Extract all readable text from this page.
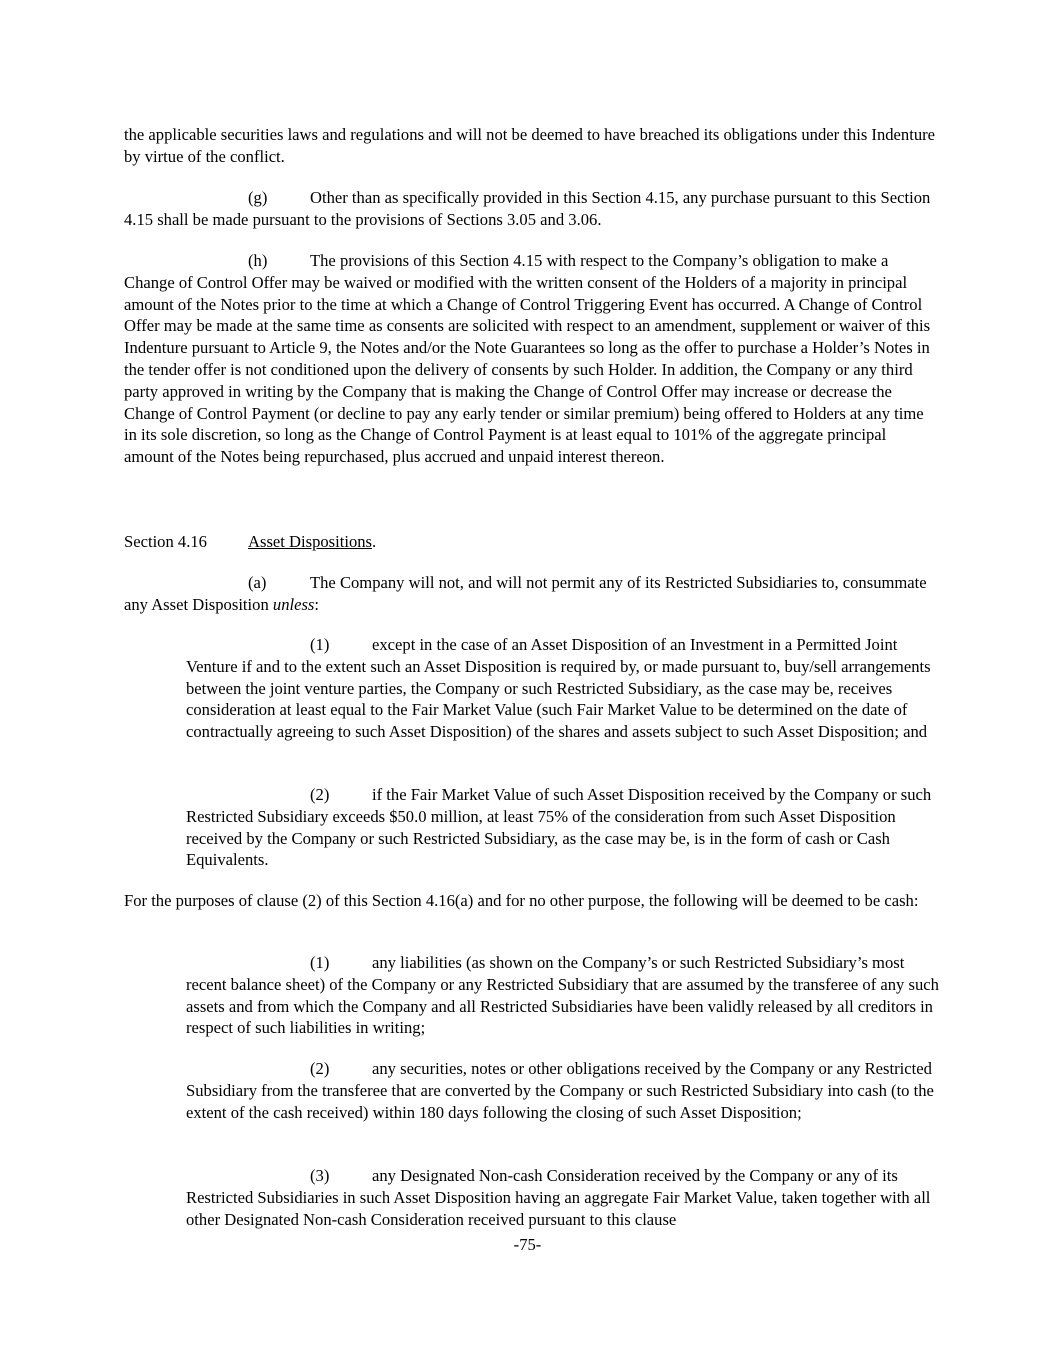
the applicable securities laws and regulations and will not be deemed to have breached its obligations under this Indenture by virtue of the conflict.

(g)	Other than as specifically provided in this Section 4.15, any purchase pursuant to this Section 4.15 shall be made pursuant to the provisions of Sections 3.05 and 3.06.

(h)	The provisions of this Section 4.15 with respect to the Company’s obligation to make a Change of Control Offer may be waived or modified with the written consent of the Holders of a majority in principal amount of the Notes prior to the time at which a Change of Control Triggering Event has occurred. A Change of Control Offer may be made at the same time as consents are solicited with respect to an amendment, supplement or waiver of this Indenture pursuant to Article 9, the Notes and/or the Note Guarantees so long as the offer to purchase a Holder’s Notes in the tender offer is not conditioned upon the delivery of consents by such Holder. In addition, the Company or any third party approved in writing by the Company that is making the Change of Control Offer may increase or decrease the Change of Control Payment (or decline to pay any early tender or similar premium) being offered to Holders at any time in its sole discretion, so long as the Change of Control Payment is at least equal to 101% of the aggregate principal amount of the Notes being repurchased, plus accrued and unpaid interest thereon.

Section 4.16 Asset Dispositions.

(a)	The Company will not, and will not permit any of its Restricted Subsidiaries to, consummate any Asset Disposition unless:

(1)	except in the case of an Asset Disposition of an Investment in a Permitted Joint Venture if and to the extent such an Asset Disposition is required by, or made pursuant to, buy/sell arrangements between the joint venture parties, the Company or such Restricted Subsidiary, as the case may be, receives consideration at least equal to the Fair Market Value (such Fair Market Value to be determined on the date of contractually agreeing to such Asset Disposition) of the shares and assets subject to such Asset Disposition; and

(2)	if the Fair Market Value of such Asset Disposition received by the Company or such Restricted Subsidiary exceeds $50.0 million, at least 75% of the consideration from such Asset Disposition received by the Company or such Restricted Subsidiary, as the case may be, is in the form of cash or Cash Equivalents.

For the purposes of clause (2) of this Section 4.16(a) and for no other purpose, the following will be deemed to be cash:

(1)	any liabilities (as shown on the Company’s or such Restricted Subsidiary’s most recent balance sheet) of the Company or any Restricted Subsidiary that are assumed by the transferee of any such assets and from which the Company and all Restricted Subsidiaries have been validly released by all creditors in respect of such liabilities in writing;

(2)	any securities, notes or other obligations received by the Company or any Restricted Subsidiary from the transferee that are converted by the Company or such Restricted Subsidiary into cash (to the extent of the cash received) within 180 days following the closing of such Asset Disposition;

(3)	any Designated Non-cash Consideration received by the Company or any of its Restricted Subsidiaries in such Asset Disposition having an aggregate Fair Market Value, taken together with all other Designated Non-cash Consideration received pursuant to this clause

-75-
